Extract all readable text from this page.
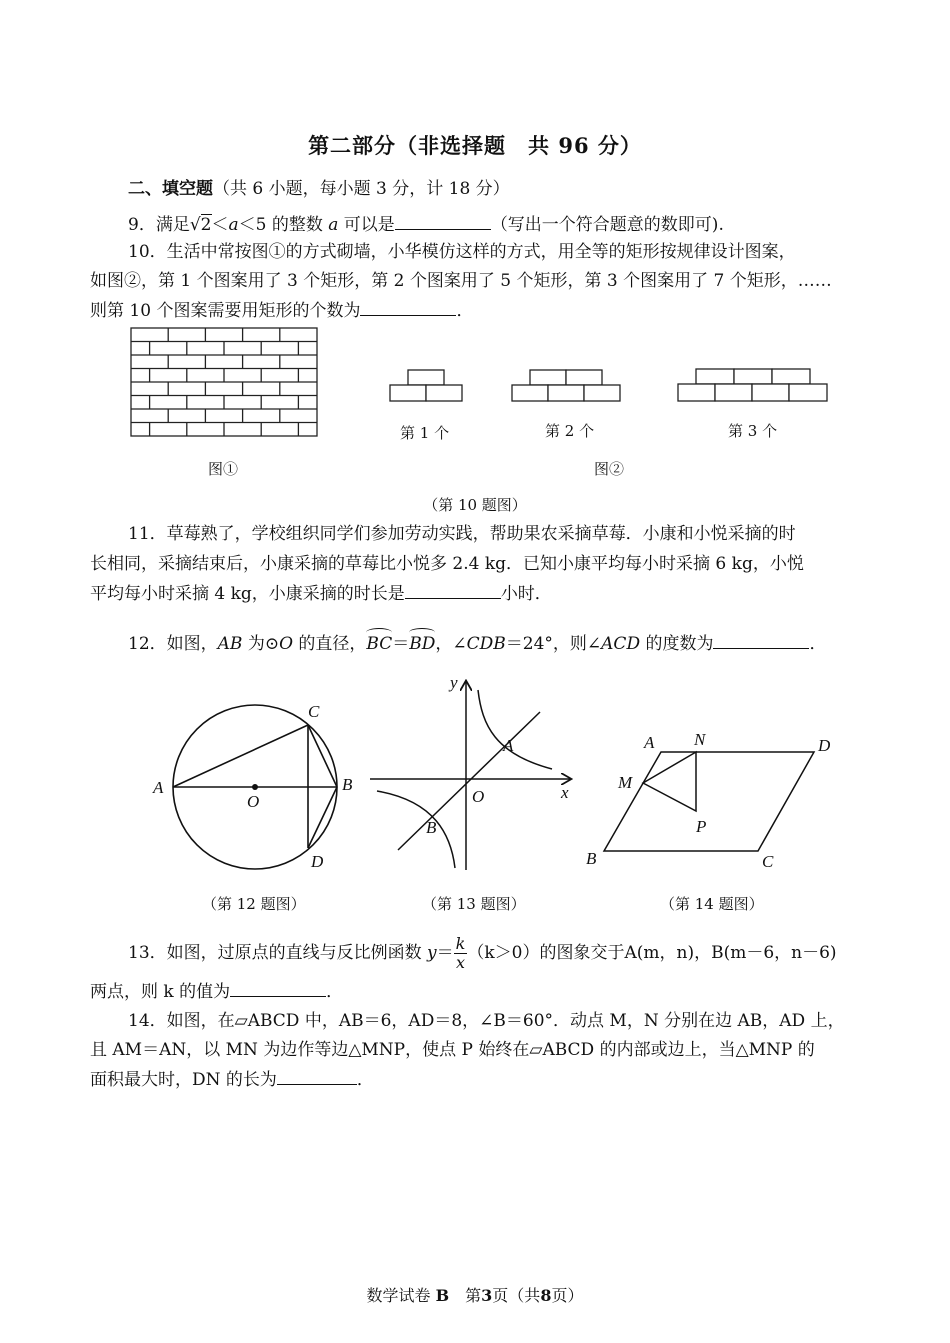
第二部分（非选择题　共 96 分）
二、填空题（共 6 小题，每小题 3 分，计 18 分）
9．满足√2＜a＜5 的整数 a 可以是	（写出一个符合题意的数即可).
10．生活中常按图①的方式砌墙，小华模仿这样的方式，用全等的矩形按规律设计图案，
如图②，第 1 个图案用了 3 个矩形，第 2 个图案用了 5 个矩形，第 3 个图案用了 7 个矩形，……
则第 10 个图案需要用矩形的个数为	．
图①
第 1 个	第 2 个	第 3 个
图②
（第 10 题图）
11．草莓熟了，学校组织同学们参加劳动实践，帮助果农采摘草莓．小康和小悦采摘的时
长相同，采摘结束后，小康采摘的草莓比小悦多 2.4 kg．已知小康平均每小时采摘 6 kg，小悦
平均每小时采摘 4 kg，小康采摘的时长是	小时．
12．如图，AB 为⊙O 的直径，BC＝BD，∠CDB＝24°，则∠ACD 的度数为	．
A
O
B
C
D
（第 12 题图）
y
x
O
A
B
（第 13 题图）
A N	D
M
P
B	C
（第 14 题图）
13．如图，过原点的直线与反比例函数 $y= \frac{k}{x} (k>0)$的图象交于A(m，n)，B(m－6，n－6)
两点，则 k 的值为	．
14．如图，在▱ABCD 中，AB＝6，AD＝8，∠B＝60°．动点 M，N 分别在边 AB，AD 上，
且 AM＝AN，以 MN 为边作等边△MNP，使点 P 始终在▱ABCD 的内部或边上，当△MNP 的
面积最大时，DN 的长为	．
数学试卷 B　第3页（共8页）
